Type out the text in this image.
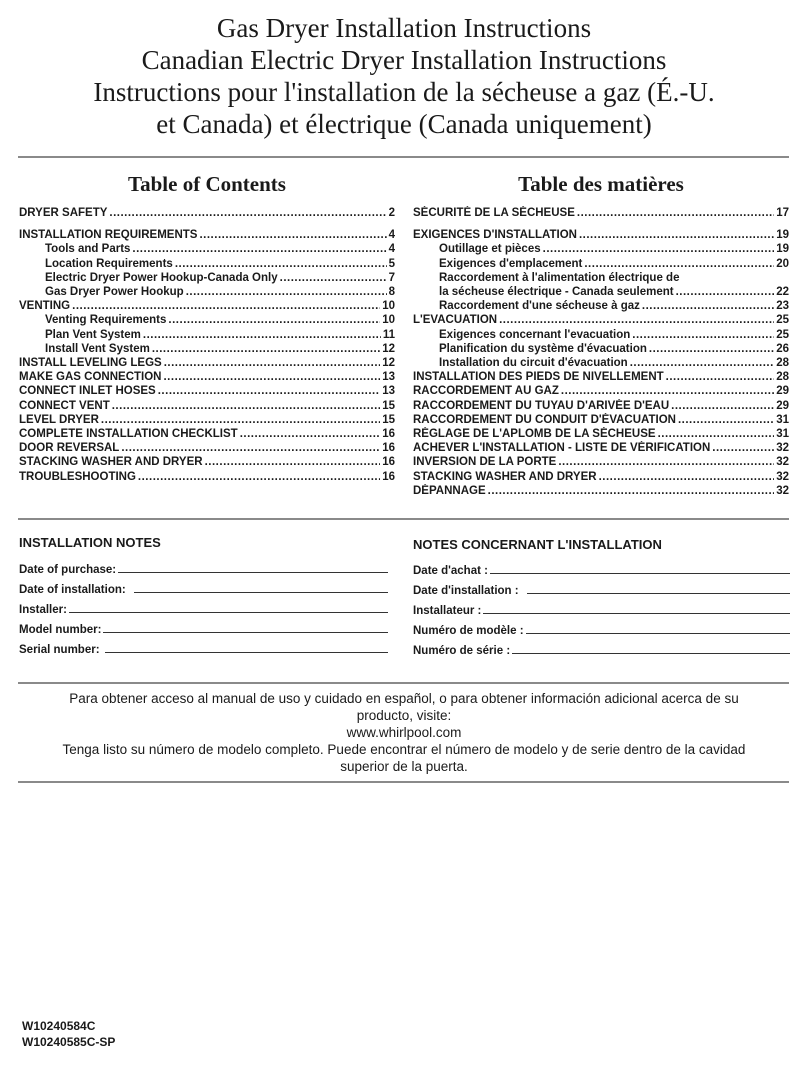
Gas Dryer Installation Instructions
Canadian Electric Dryer Installation Instructions
Instructions pour l'installation de la sécheuse a gaz (É.-U.
et Canada) et électrique (Canada uniquement)
Table of Contents	Table des matières
DRYER SAFETY .....	2
INSTALLATION REQUIREMENTS .....	4
Tools and Parts .....	4
Location Requirements .....	5
Electric Dryer Power Hookup-Canada Only .....	7
Gas Dryer Power Hookup .....	8
VENTING .....	10
Venting Requirements .....	10
Plan Vent System .....	11
Install Vent System .....	12
INSTALL LEVELING LEGS .....	12
MAKE GAS CONNECTION .....	13
CONNECT INLET HOSES .....	13
CONNECT VENT .....	15
LEVEL DRYER .....	15
COMPLETE INSTALLATION CHECKLIST .....	16
DOOR REVERSAL .....	16
STACKING WASHER AND DRYER .....	16
TROUBLESHOOTING .....	16
SÉCURITÉ DE LA SÉCHEUSE .....	17
EXIGENCES D'INSTALLATION .....	19
Outillage et pièces .....	19
Exigences d'emplacement .....	20
Raccordement à l'alimentation électrique de
la sécheuse électrique - Canada seulement .....	22
Raccordement d'une sécheuse à gaz .....	23
L'EVACUATION .....	25
Exigences concernant l'evacuation .....	25
Planification du système d'évacuation .....	26
Installation du circuit d'évacuation .....	28
INSTALLATION DES PIEDS DE NIVELLEMENT .....	28
RACCORDEMENT AU GAZ .....	29
RACCORDEMENT DU TUYAU D'ARIVÉE D'EAU .....	29
RACCORDEMENT DU CONDUIT D'ÉVACUATION .....	31
RÉGLAGE DE L'APLOMB DE LA SÉCHEUSE .....	31
ACHEVER L'INSTALLATION - LISTE DE VÉRIFICATION .....	32
INVERSION DE LA PORTE .....	32
STACKING WASHER AND DRYER .....	32
DÉPANNAGE .....	32
INSTALLATION NOTES
Date of purchase:
Date of installation:
Installer:
Model number:
Serial number:
NOTES CONCERNANT L'INSTALLATION
Date d'achat :
Date d'installation :
Installateur :
Numéro de modèle :
Numéro de série :
Para obtener acceso al manual de uso y cuidado en español, o para obtener información adicional acerca de su
producto, visite:
www.whirlpool.com
Tenga listo su número de modelo completo. Puede encontrar el número de modelo y de serie dentro de la cavidad
superior de la puerta.
W10240584C
W10240585C-SP
